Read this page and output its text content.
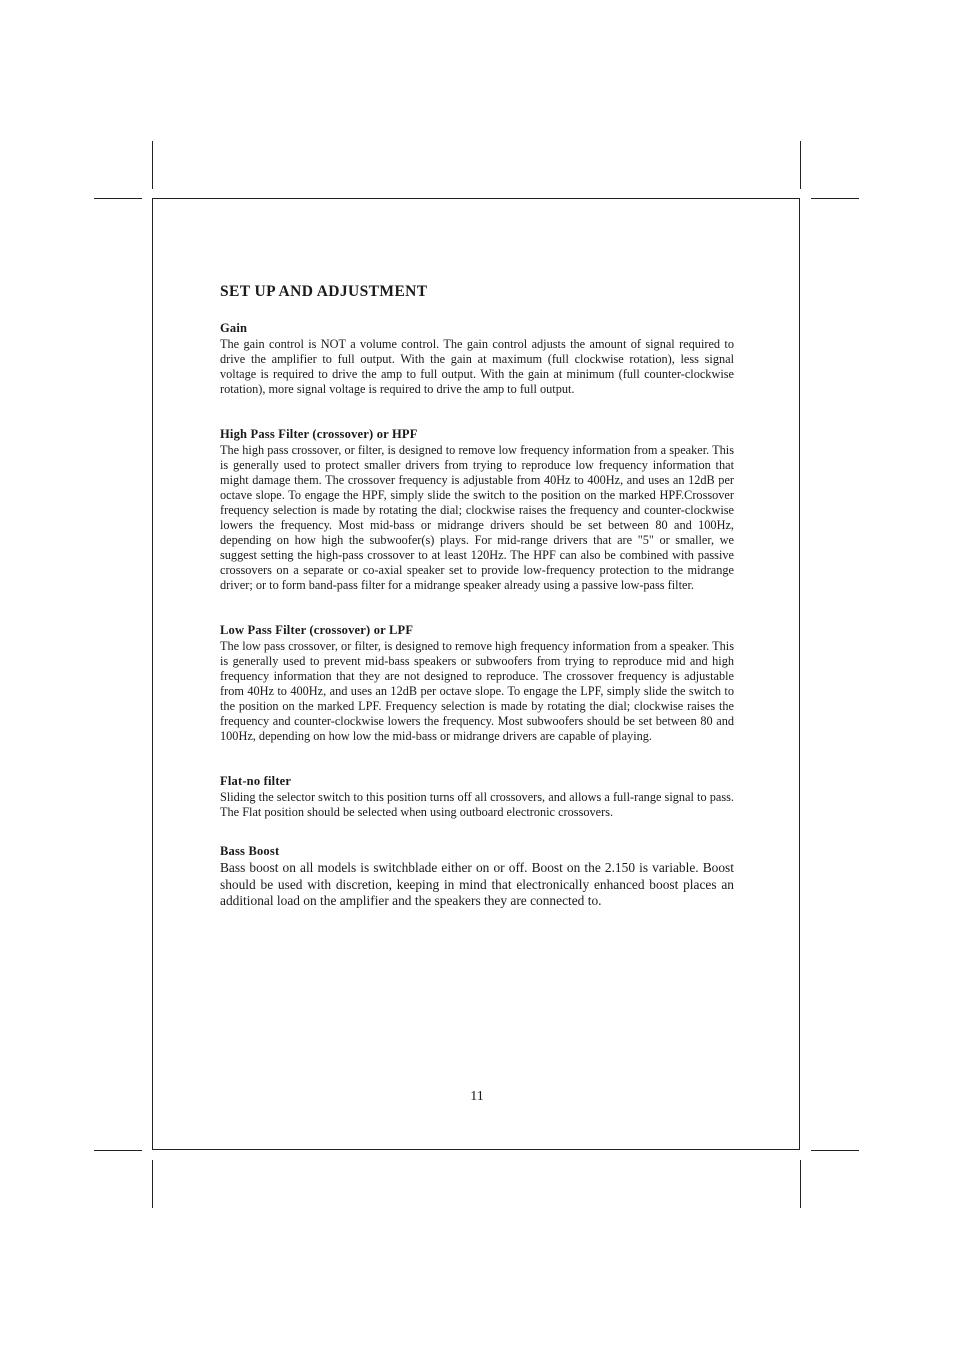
SET UP AND ADJUSTMENT
Gain

The gain control is NOT a volume control. The gain control adjusts the amount of signal required to drive the amplifier to full output. With the gain at maximum (full clockwise rotation), less signal voltage is required to drive the amp to full output. With the gain at minimum (full counter-clockwise rotation), more signal voltage is required to drive the amp to full output.

High Pass Filter (crossover) or HPF

The high pass crossover, or filter, is designed to remove low frequency information from a speaker. This is generally used to protect smaller drivers from trying to reproduce low frequency information that might damage them. The crossover frequency is adjustable from 40Hz to 400Hz, and uses an 12dB per octave slope. To engage the HPF, simply slide the switch to the position on the marked HPF.Crossover frequency selection is made by rotating the dial; clockwise raises the frequency and counter-clockwise lowers the frequency. Most mid-bass or midrange drivers should be set between 80 and 100Hz, depending on how high the subwoofer(s) plays. For mid-range drivers that are "5" or smaller, we suggest setting the high-pass crossover to at least 120Hz. The HPF can also be combined with passive crossovers on a separate or co-axial speaker set to provide low-frequency protection to the midrange driver; or to form band-pass filter for a midrange speaker already using a passive low-pass filter.

Low Pass Filter (crossover) or LPF

The low pass crossover, or filter, is designed to remove high frequency information from a speaker. This is generally used to prevent mid-bass speakers or subwoofers from trying to reproduce mid and high frequency information that they are not designed to reproduce. The crossover frequency is adjustable from 40Hz to 400Hz, and uses an 12dB per octave slope. To engage the LPF, simply slide the switch to the position on the marked LPF. Frequency selection is made by rotating the dial; clockwise raises the frequency and counter-clockwise lowers the frequency. Most subwoofers should be set between 80 and 100Hz, depending on how low the mid-bass or midrange drivers are capable of playing.

Flat-no filter

Sliding the selector switch to this position turns off all crossovers, and allows a full-range signal to pass. The Flat position should be selected when using outboard electronic crossovers.

Bass Boost

Bass boost on all models is switchblade either on or off. Boost on the 2.150 is variable. Boost should be used with discretion, keeping in mind that electronically enhanced boost places an additional load on the amplifier and the speakers they are connected to.

11
